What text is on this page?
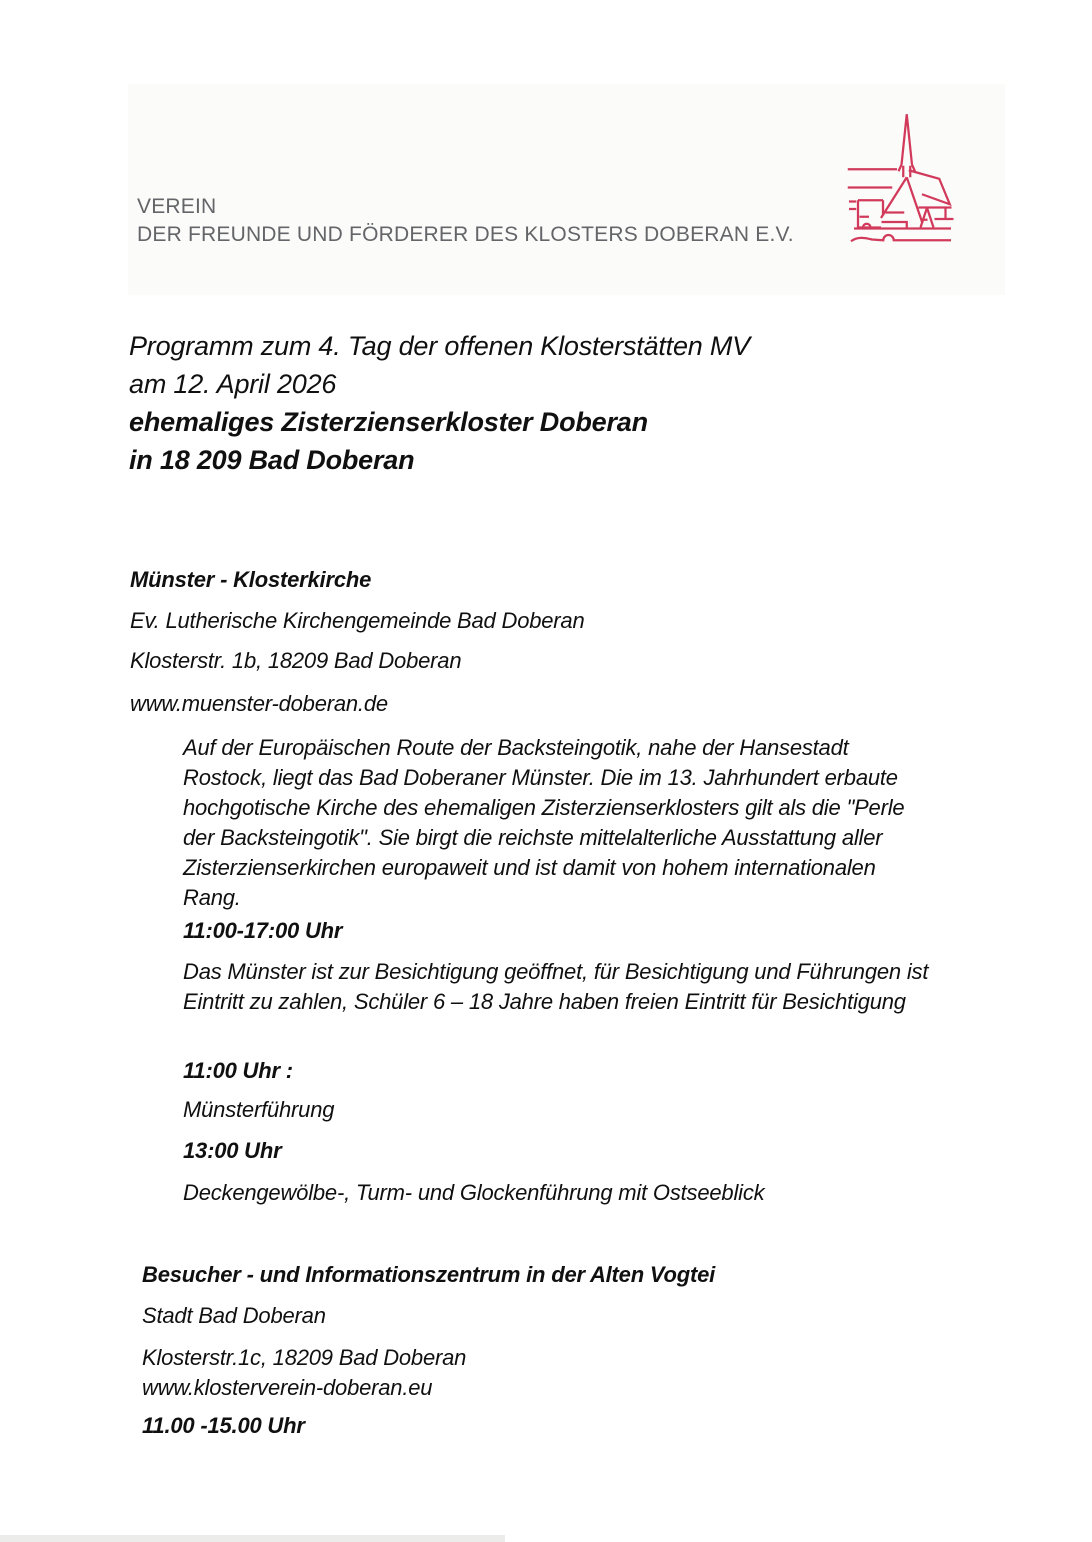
VEREIN
DER FREUNDE UND FÖRDERER DES KLOSTERS DOBERAN E.V.
Programm zum 4. Tag der offenen Klosterstätten MV
am 12. April 2026
ehemaliges Zisterzienserkloster Doberan
in 18 209 Bad Doberan

Münster - Klosterkirche

Ev. Lutherische Kirchengemeinde Bad Doberan

Klosterstr. 1b, 18209 Bad Doberan

www.muenster-doberan.de

Auf der Europäischen Route der Backsteingotik, nahe der Hansestadt Rostock, liegt das Bad Doberaner Münster. Die im 13. Jahrhundert erbaute hochgotische Kirche des ehemaligen Zisterzienserklosters gilt als die "Perle der Backsteingotik". Sie birgt die reichste mittelalterliche Ausstattung aller Zisterzienserkirchen europaweit und ist damit von hohem internationalen Rang.

11:00-17:00 Uhr

Das Münster ist zur Besichtigung geöffnet, für Besichtigung und Führungen ist Eintritt zu zahlen, Schüler 6 – 18 Jahre haben freien Eintritt für Besichtigung

11:00 Uhr :

Münsterführung

13:00 Uhr

Deckengewölbe-, Turm- und Glockenführung mit Ostseeblick

Besucher - und Informationszentrum in der Alten Vogtei

Stadt Bad Doberan

Klosterstr.1c, 18209 Bad Doberan
www.klosterverein-doberan.eu

11.00 -15.00 Uhr
